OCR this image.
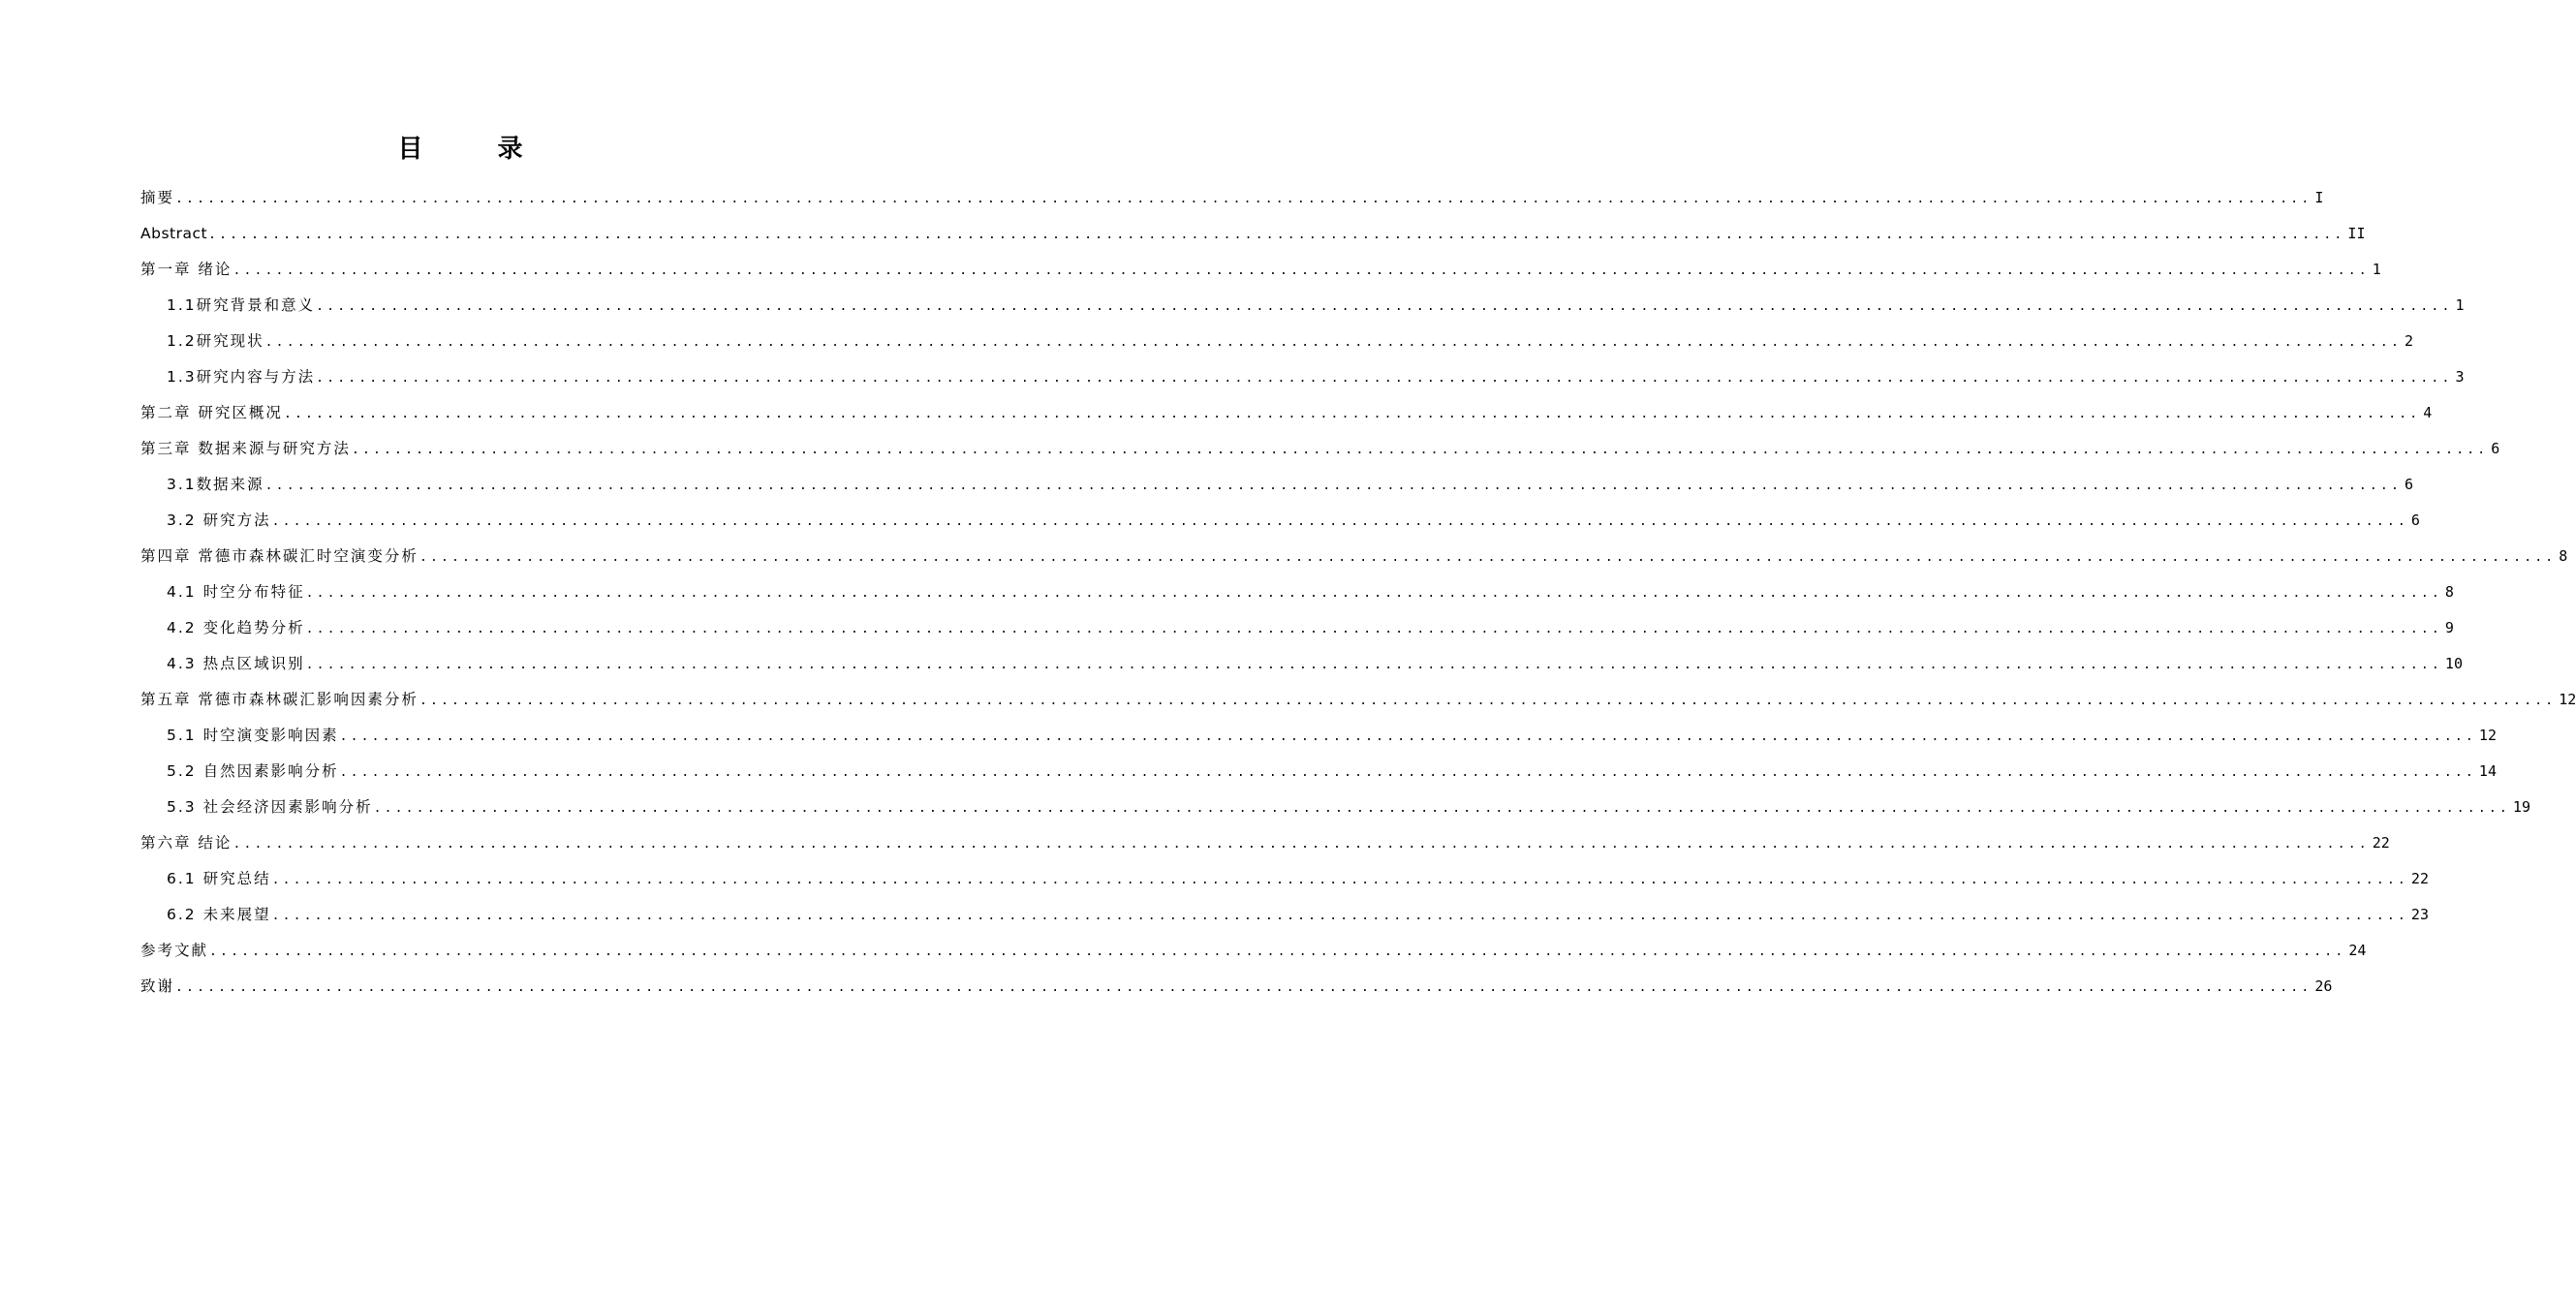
目 录
摘要 ........................................................................................................................................................................................................ I
Abstract ........................................................................................................................................................................................................ II
第一章 绪论 ........................................................................................................................................................................................................ 1
1.1研究背景和意义 ........................................................................................................................................................................................................ 1
1.2研究现状 ........................................................................................................................................................................................................ 2
1.3研究内容与方法 ........................................................................................................................................................................................................ 3
第二章 研究区概况 ........................................................................................................................................................................................................ 4
第三章 数据来源与研究方法 ........................................................................................................................................................................................................ 6
3.1数据来源 ........................................................................................................................................................................................................ 6
3.2 研究方法 ........................................................................................................................................................................................................ 6
第四章 常德市森林碳汇时空演变分析 ........................................................................................................................................................................................................ 8
4.1 时空分布特征 ........................................................................................................................................................................................................ 8
4.2 变化趋势分析 ........................................................................................................................................................................................................ 9
4.3 热点区域识别 ........................................................................................................................................................................................................ 10
第五章 常德市森林碳汇影响因素分析 ........................................................................................................................................................................................................ 12
5.1 时空演变影响因素 ........................................................................................................................................................................................................ 12
5.2 自然因素影响分析 ........................................................................................................................................................................................................ 14
5.3 社会经济因素影响分析 ........................................................................................................................................................................................................ 19
第六章 结论 ........................................................................................................................................................................................................ 22
6.1 研究总结 ........................................................................................................................................................................................................ 22
6.2 未来展望 ........................................................................................................................................................................................................ 23
参考文献 ........................................................................................................................................................................................................ 24
致谢 ........................................................................................................................................................................................................ 26
